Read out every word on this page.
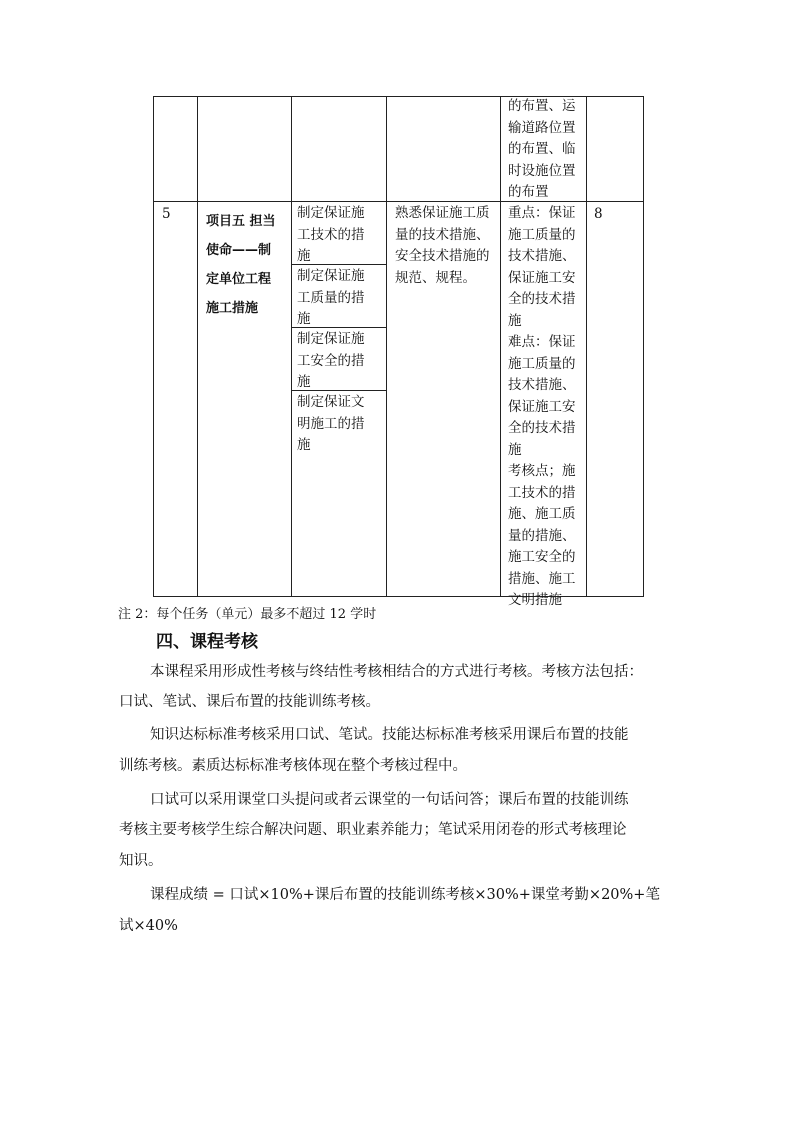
的布置、运
输道路位置
的布置、临
时设施位置
的布置
5	项目五 担当
使命——制
定单位工程
施工措施
制定保证施
工技术的措
施
制定保证施
工质量的措
施
制定保证施
工安全的措
施
制定保证文
明施工的措
施
熟悉保证施工质
量的技术措施、
安全技术措施的
规范、规程。
重点：保证
施工质量的
技术措施、
保证施工安
全的技术措
施
难点：保证
施工质量的
技术措施、
保证施工安
全的技术措
施
考核点；施
工技术的措
施、施工质
量的措施、
施工安全的
措施、施工
文明措施
8
注 2：每个任务（单元）最多不超过 12 学时
四、课程考核
本课程采用形成性考核与终结性考核相结合的方式进行考核。考核方法包括：
口试、笔试、课后布置的技能训练考核。
知识达标标准考核采用口试、笔试。技能达标标准考核采用课后布置的技能
训练考核。素质达标标准考核体现在整个考核过程中。
口试可以采用课堂口头提问或者云课堂的一句话问答；课后布置的技能训练
考核主要考核学生综合解决问题、职业素养能力；笔试采用闭卷的形式考核理论
知识。
课程成绩 = 口试×10%+课后布置的技能训练考核×30%+课堂考勤×20%+笔
试×40%
